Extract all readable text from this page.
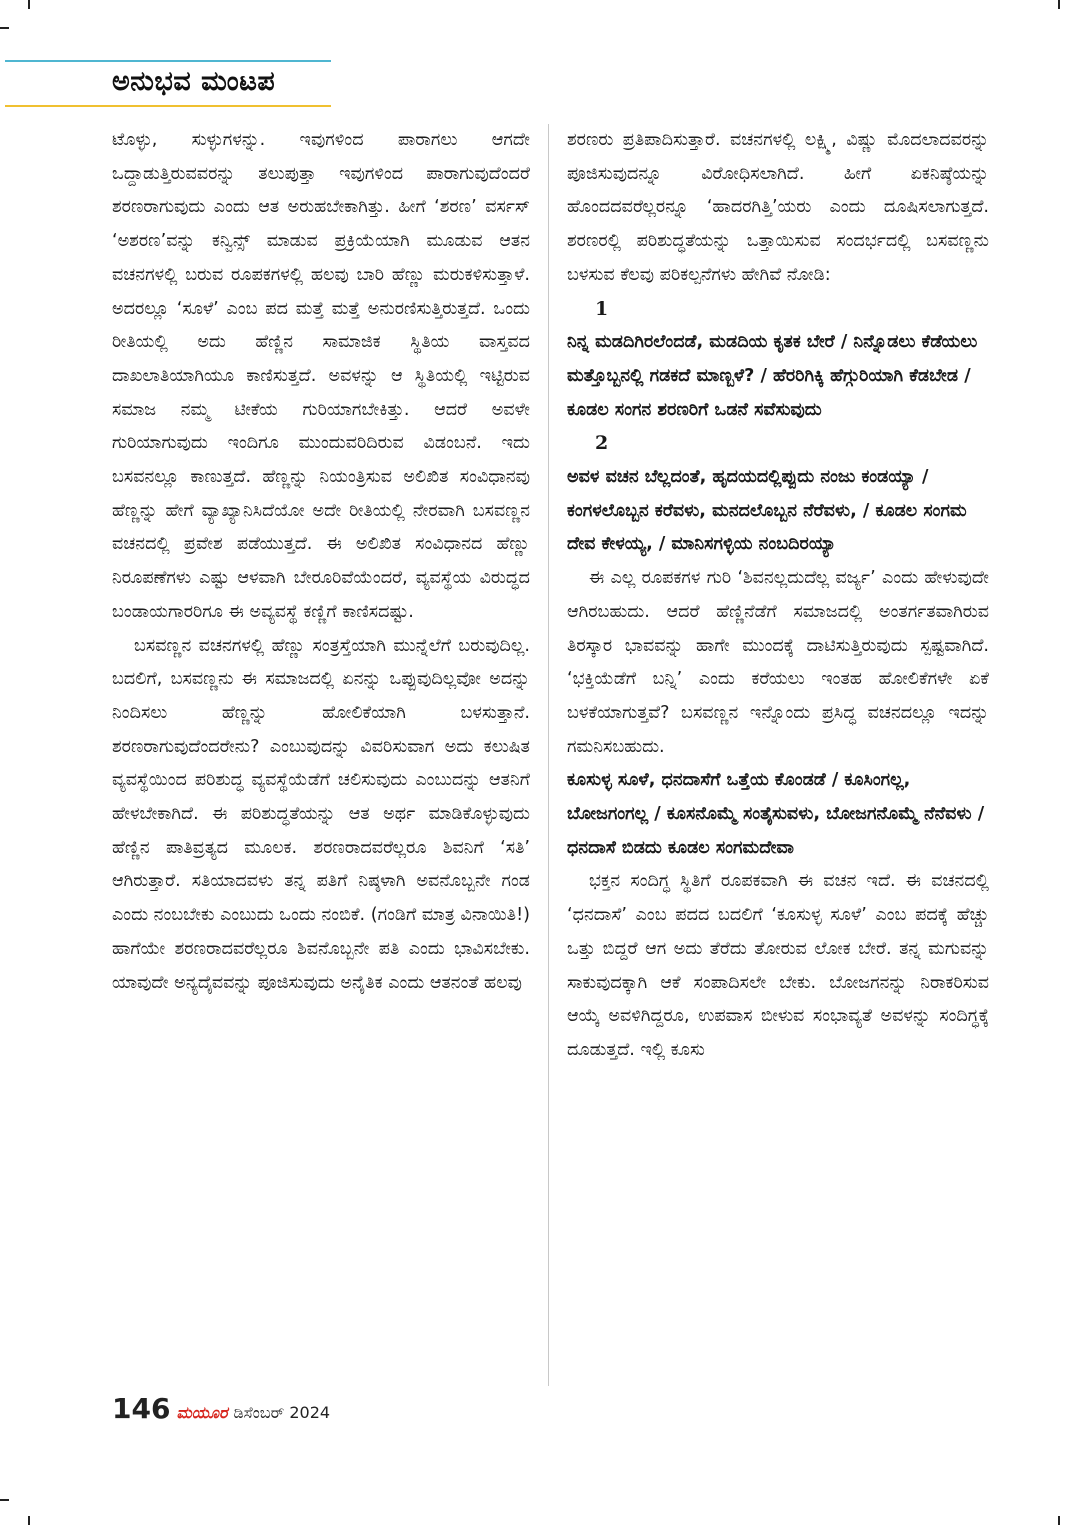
ಅನುಭವ ಮಂಟಪ

ಟೊಳ್ಳು, ಸುಳ್ಳುಗಳನ್ನು. ಇವುಗಳಿಂದ ಪಾರಾಗಲು ಆಗದೇ ಒದ್ದಾಡುತ್ತಿರುವವರನ್ನು ತಲುಪುತ್ತಾ ಇವುಗಳಿಂದ ಪಾರಾಗುವುದೆಂದರೆ ಶರಣರಾಗುವುದು ಎಂದು ಆತ ಅರುಹಬೇಕಾಗಿತ್ತು. ಹೀಗೆ ‘ಶರಣ’ ವರ್ಸಸ್ ‘ಅಶರಣ’ವನ್ನು ಕನ್ವಿನ್ಸ್ ಮಾಡುವ ಪ್ರಕ್ರಿಯೆಯಾಗಿ ಮೂಡುವ ಆತನ ವಚನಗಳಲ್ಲಿ ಬರುವ ರೂಪಕಗಳಲ್ಲಿ ಹಲವು ಬಾರಿ ಹೆಣ್ಣು ಮರುಕಳಿಸುತ್ತಾಳೆ. ಅದರಲ್ಲೂ ‘ಸೂಳೆ’ ಎಂಬ ಪದ ಮತ್ತೆ ಮತ್ತೆ ಅನುರಣಿಸುತ್ತಿರುತ್ತದೆ. ಒಂದು ರೀತಿಯಲ್ಲಿ ಅದು ಹೆಣ್ಣಿನ ಸಾಮಾಜಿಕ ಸ್ಥಿತಿಯ ವಾಸ್ತವದ ದಾಖಲಾತಿಯಾಗಿಯೂ ಕಾಣಿಸುತ್ತದೆ. ಅವಳನ್ನು ಆ ಸ್ಥಿತಿಯಲ್ಲಿ ಇಟ್ಟಿರುವ ಸಮಾಜ ನಮ್ಮ ಟೀಕೆಯ ಗುರಿಯಾಗಬೇಕಿತ್ತು. ಆದರೆ ಅವಳೇ ಗುರಿಯಾಗುವುದು ಇಂದಿಗೂ ಮುಂದುವರಿದಿರುವ ವಿಡಂಬನೆ. ಇದು ಬಸವನಲ್ಲೂ ಕಾಣುತ್ತದೆ. ಹೆಣ್ಣನ್ನು ನಿಯಂತ್ರಿಸುವ ಅಲಿಖಿತ ಸಂವಿಧಾನವು ಹೆಣ್ಣನ್ನು ಹೇಗೆ ವ್ಯಾಖ್ಯಾನಿಸಿದೆಯೋ ಅದೇ ರೀತಿಯಲ್ಲಿ ನೇರವಾಗಿ ಬಸವಣ್ಣನ ವಚನದಲ್ಲಿ ಪ್ರವೇಶ ಪಡೆಯುತ್ತದೆ. ಈ ಅಲಿಖಿತ ಸಂವಿಧಾನದ ಹೆಣ್ಣು ನಿರೂಪಣೆಗಳು ಎಷ್ಟು ಆಳವಾಗಿ ಬೇರೂರಿವೆಯೆಂದರೆ, ವ್ಯವಸ್ಥೆಯ ವಿರುದ್ಧದ ಬಂಡಾಯಗಾರರಿಗೂ ಈ ಅವ್ಯವಸ್ಥೆ ಕಣ್ಣಿಗೆ ಕಾಣಿಸದಷ್ಟು.

ಬಸವಣ್ಣನ ವಚನಗಳಲ್ಲಿ ಹೆಣ್ಣು ಸಂತ್ರಸ್ತೆಯಾಗಿ ಮುನ್ನೆಲೆಗೆ ಬರುವುದಿಲ್ಲ. ಬದಲಿಗೆ, ಬಸವಣ್ಣನು ಈ ಸಮಾಜದಲ್ಲಿ ಏನನ್ನು ಒಪ್ಪುವುದಿಲ್ಲವೋ ಅದನ್ನು ನಿಂದಿಸಲು ಹೆಣ್ಣನ್ನು ಹೋಲಿಕೆಯಾಗಿ ಬಳಸುತ್ತಾನೆ. ಶರಣರಾಗುವುದೆಂದರೇನು? ಎಂಬುವುದನ್ನು ವಿವರಿಸುವಾಗ ಅದು ಕಲುಷಿತ ವ್ಯವಸ್ಥೆಯಿಂದ ಪರಿಶುದ್ಧ ವ್ಯವಸ್ಥೆಯೆಡೆಗೆ ಚಲಿಸುವುದು ಎಂಬುದನ್ನು ಆತನಿಗೆ ಹೇಳಬೇಕಾಗಿದೆ. ಈ ಪರಿಶುದ್ಧತೆಯನ್ನು ಆತ ಅರ್ಥ ಮಾಡಿಕೊಳ್ಳುವುದು ಹೆಣ್ಣಿನ ಪಾತಿವ್ರತ್ಯದ ಮೂಲಕ. ಶರಣರಾದವರೆಲ್ಲರೂ ಶಿವನಿಗೆ ‘ಸತಿ’ ಆಗಿರುತ್ತಾರೆ. ಸತಿಯಾದವಳು ತನ್ನ ಪತಿಗೆ ನಿಷ್ಠಳಾಗಿ ಅವನೊಬ್ಬನೇ ಗಂಡ ಎಂದು ನಂಬಬೇಕು ಎಂಬುದು ಒಂದು ನಂಬಿಕೆ. (ಗಂಡಿಗೆ ಮಾತ್ರ ವಿನಾಯಿತಿ!) ಹಾಗೆಯೇ ಶರಣರಾದವರೆಲ್ಲರೂ ಶಿವನೊಬ್ಬನೇ ಪತಿ ಎಂದು ಭಾವಿಸಬೇಕು. ಯಾವುದೇ ಅನ್ಯದೈವವನ್ನು ಪೂಜಿಸುವುದು ಅನೈತಿಕ ಎಂದು ಆತನಂತೆ ಹಲವು

ಶರಣರು ಪ್ರತಿಪಾದಿಸುತ್ತಾರೆ. ವಚನಗಳಲ್ಲಿ ಲಕ್ಷ್ಮಿ, ವಿಷ್ಣು ಮೊದಲಾದವರನ್ನು ಪೂಜಿಸುವುದನ್ನೂ ವಿರೋಧಿಸಲಾಗಿದೆ. ಹೀಗೆ ಏಕನಿಷ್ಠೆಯನ್ನು ಹೊಂದದವರೆಲ್ಲರನ್ನೂ ‘ಹಾದರಗಿತ್ತಿ’ಯರು ಎಂದು ದೂಷಿಸಲಾಗುತ್ತದೆ. ಶರಣರಲ್ಲಿ ಪರಿಶುದ್ಧತೆಯನ್ನು ಒತ್ತಾಯಿಸುವ ಸಂದರ್ಭದಲ್ಲಿ ಬಸವಣ್ಣನು ಬಳಸುವ ಕೆಲವು ಪರಿಕಲ್ಪನೆಗಳು ಹೇಗಿವೆ ನೋಡಿ:

1

ನಿನ್ನ ಮಡದಿಗಿರಲೆಂದಡೆ, ಮಡದಿಯ ಕೃತಕ ಬೇರೆ / ನಿನ್ನೊಡಲು ಕೆಡೆಯಲು ಮತ್ತೊಬ್ಬನಲ್ಲಿ ಗಡಕದೆ ಮಾಣ್ಬಳೆ? / ಹೆರರಿಗಿಕ್ಕಿ ಹೆಗ್ಗುರಿಯಾಗಿ ಕೆಡಬೇಡ / ಕೂಡಲ ಸಂಗನ ಶರಣರಿಗೆ ಒಡನೆ ಸವೆಸುವುದು

2

ಅವಳ ವಚನ ಬೆಲ್ಲದಂತೆ, ಹೃದಯದಲ್ಲಿಪ್ಪುದು ನಂಜು ಕಂಡಯ್ಯಾ / ಕಂಗಳಲೊಬ್ಬನ ಕರೆವಳು, ಮನದಲೊಬ್ಬನ ನೆರೆವಳು, / ಕೂಡಲ ಸಂಗಮ ದೇವ ಕೇಳಯ್ಯ, / ಮಾನಿಸಗಳ್ಳಿಯ ನಂಬದಿರಯ್ಯಾ

ಈ ಎಲ್ಲ ರೂಪಕಗಳ ಗುರಿ ‘ಶಿವನಲ್ಲದುದೆಲ್ಲ ವರ್ಜ್ಯ’ ಎಂದು ಹೇಳುವುದೇ ಆಗಿರಬಹುದು. ಆದರೆ ಹೆಣ್ಣಿನೆಡೆಗೆ ಸಮಾಜದಲ್ಲಿ ಅಂತರ್ಗತವಾಗಿರುವ ತಿರಸ್ಕಾರ ಭಾವವನ್ನು ಹಾಗೇ ಮುಂದಕ್ಕೆ ದಾಟಿಸುತ್ತಿರುವುದು ಸ್ಪಷ್ಟವಾಗಿದೆ. ‘ಭಕ್ತಿಯೆಡೆಗೆ ಬನ್ನಿ’ ಎಂದು ಕರೆಯಲು ಇಂತಹ ಹೋಲಿಕೆಗಳೇ ಏಕೆ ಬಳಕೆಯಾಗುತ್ತವೆ? ಬಸವಣ್ಣನ ಇನ್ನೊಂದು ಪ್ರಸಿದ್ಧ ವಚನದಲ್ಲೂ ಇದನ್ನು ಗಮನಿಸಬಹುದು.

ಕೂಸುಳ್ಳ ಸೂಳೆ, ಧನದಾಸೆಗೆ ಒತ್ತೆಯ ಕೊಂಡಡೆ / ಕೂಸಿಂಗಲ್ಲ, ಬೋಜಗಂಗಲ್ಲ / ಕೂಸನೊಮ್ಮೆ ಸಂತೈಸುವಳು, ಬೋಜಗನೊಮ್ಮೆ ನೆನೆವಳು / ಧನದಾಸೆ ಬಿಡದು ಕೂಡಲ ಸಂಗಮದೇವಾ

ಭಕ್ತನ ಸಂದಿಗ್ಧ ಸ್ಥಿತಿಗೆ ರೂಪಕವಾಗಿ ಈ ವಚನ ಇದೆ. ಈ ವಚನದಲ್ಲಿ ‘ಧನದಾಸೆ’ ಎಂಬ ಪದದ ಬದಲಿಗೆ ‘ಕೂಸುಳ್ಳ ಸೂಳೆ’ ಎಂಬ ಪದಕ್ಕೆ ಹೆಚ್ಚು ಒತ್ತು ಬಿದ್ದರೆ ಆಗ ಅದು ತೆರೆದು ತೋರುವ ಲೋಕ ಬೇರೆ. ತನ್ನ ಮಗುವನ್ನು ಸಾಕುವುದಕ್ಕಾಗಿ ಆಕೆ ಸಂಪಾದಿಸಲೇ ಬೇಕು. ಬೋಜಗನನ್ನು ನಿರಾಕರಿಸುವ ಆಯ್ಕೆ ಅವಳಿಗಿದ್ದರೂ, ಉಪವಾಸ ಬೀಳುವ ಸಂಭಾವ್ಯತೆ ಅವಳನ್ನು ಸಂದಿಗ್ಧಕ್ಕೆ ದೂಡುತ್ತದೆ. ಇಲ್ಲಿ ಕೂಸು

146 ಮಯೂರ ಡಿಸೆಂಬರ್ 2024
